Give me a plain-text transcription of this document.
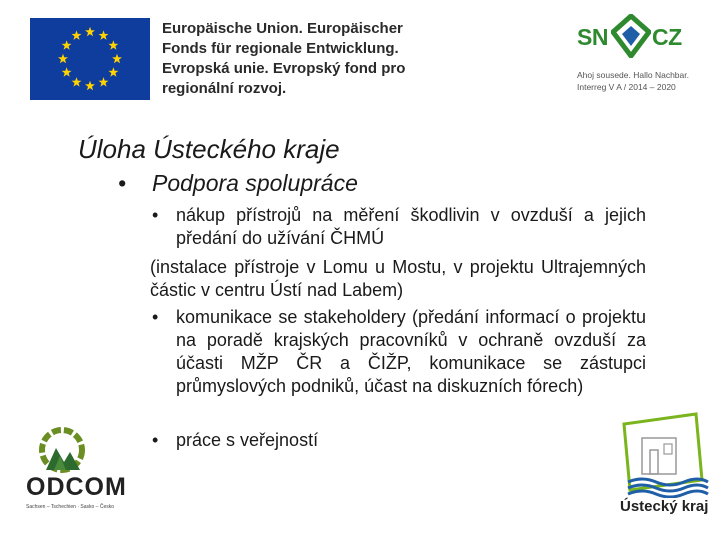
Europäische Union. Europäischer
Fonds für regionale Entwicklung.
Evropská unie. Evropský fond pro
regionální rozvoj.
SN CZ
Ahoj sousede. Hallo Nachbar.
Interreg V A / 2014 – 2020
Úloha Ústeckého kraje
• Podpora spolupráce
• nákup přístrojů na měření škodlivin v ovzduší a jejich předání do užívání ČHMÚ
(instalace přístroje v Lomu u Mostu, v projektu Ultrajemných částic v centru Ústí nad Labem)
• komunikace se stakeholdery (předání informací o projektu na poradě krajských pracovníků v ochraně ovzduší za účasti MŽP ČR a ČIŽP, komunikace se zástupci průmyslových podniků, účast na diskuzních fórech)
• práce s veřejností
ODCOM
Sachsen – Tschechien · Sasko – Česko	Ústecký kraj
